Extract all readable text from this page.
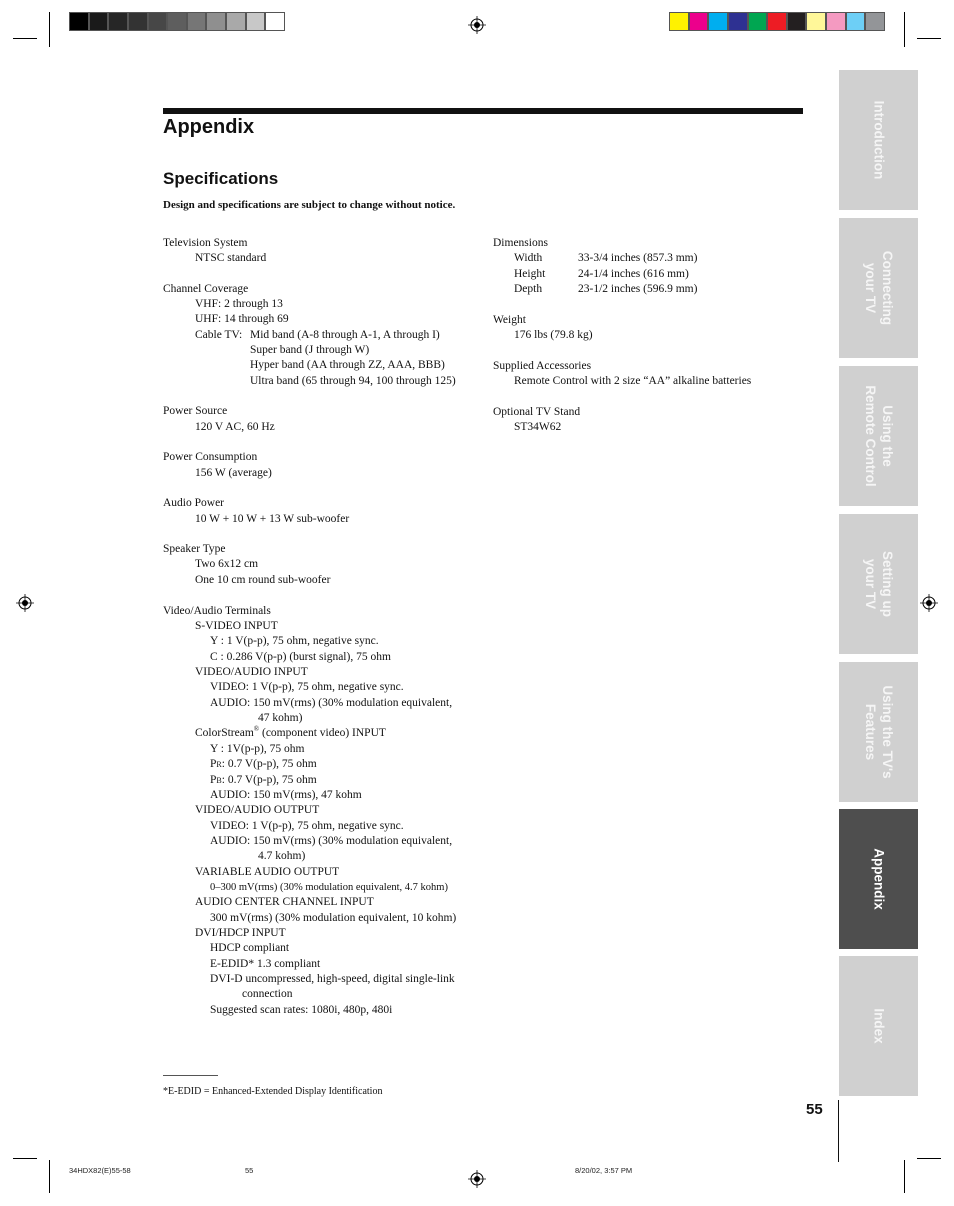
Appendix
Specifications
Design and specifications are subject to change without notice.
Television System
NTSC standard
Channel Coverage
VHF: 2 through 13
UHF: 14 through 69
Cable TV: Mid band (A-8 through A-1, A through I)
Super band (J through W)
Hyper band (AA through ZZ, AAA, BBB)
Ultra band (65 through 94, 100 through 125)
Power Source
120 V AC, 60 Hz
Power Consumption
156 W (average)
Audio Power
10 W + 10 W + 13 W sub-woofer
Speaker Type
Two 6x12 cm
One 10 cm round sub-woofer
Video/Audio Terminals
S-VIDEO INPUT
Y : 1 V(p-p), 75 ohm, negative sync.
C : 0.286 V(p-p) (burst signal), 75 ohm
VIDEO/AUDIO INPUT
VIDEO: 1 V(p-p), 75 ohm, negative sync.
AUDIO: 150 mV(rms) (30% modulation equivalent,
47 kohm)
ColorStream® (component video) INPUT
Y : 1V(p-p), 75 ohm
PR: 0.7 V(p-p), 75 ohm
PB: 0.7 V(p-p), 75 ohm
AUDIO: 150 mV(rms), 47 kohm
VIDEO/AUDIO OUTPUT
VIDEO: 1 V(p-p), 75 ohm, negative sync.
AUDIO: 150 mV(rms) (30% modulation equivalent,
4.7 kohm)
VARIABLE AUDIO OUTPUT
0–300 mV(rms) (30% modulation equivalent, 4.7 kohm)
AUDIO CENTER CHANNEL INPUT
300 mV(rms) (30% modulation equivalent, 10 kohm)
DVI/HDCP INPUT
HDCP compliant
E-EDID* 1.3 compliant
DVI-D uncompressed, high-speed, digital single-link
connection
Suggested scan rates: 1080i, 480p, 480i
Dimensions
Width	33-3/4 inches (857.3 mm)
Height	24-1/4 inches (616 mm)
Depth	23-1/2 inches (596.9 mm)
Weight
176 lbs (79.8 kg)
Supplied Accessories
Remote Control with 2 size “AA” alkaline batteries
Optional TV Stand
ST34W62
Introduction
Connecting
your TV
Using the
Remote Control
Setting up
your TV
Using the TV's
Features
Appendix
Index
*E-EDID = Enhanced-Extended Display Identification
55
34HDX82(E)55-58	55	8/20/02, 3:57 PM
